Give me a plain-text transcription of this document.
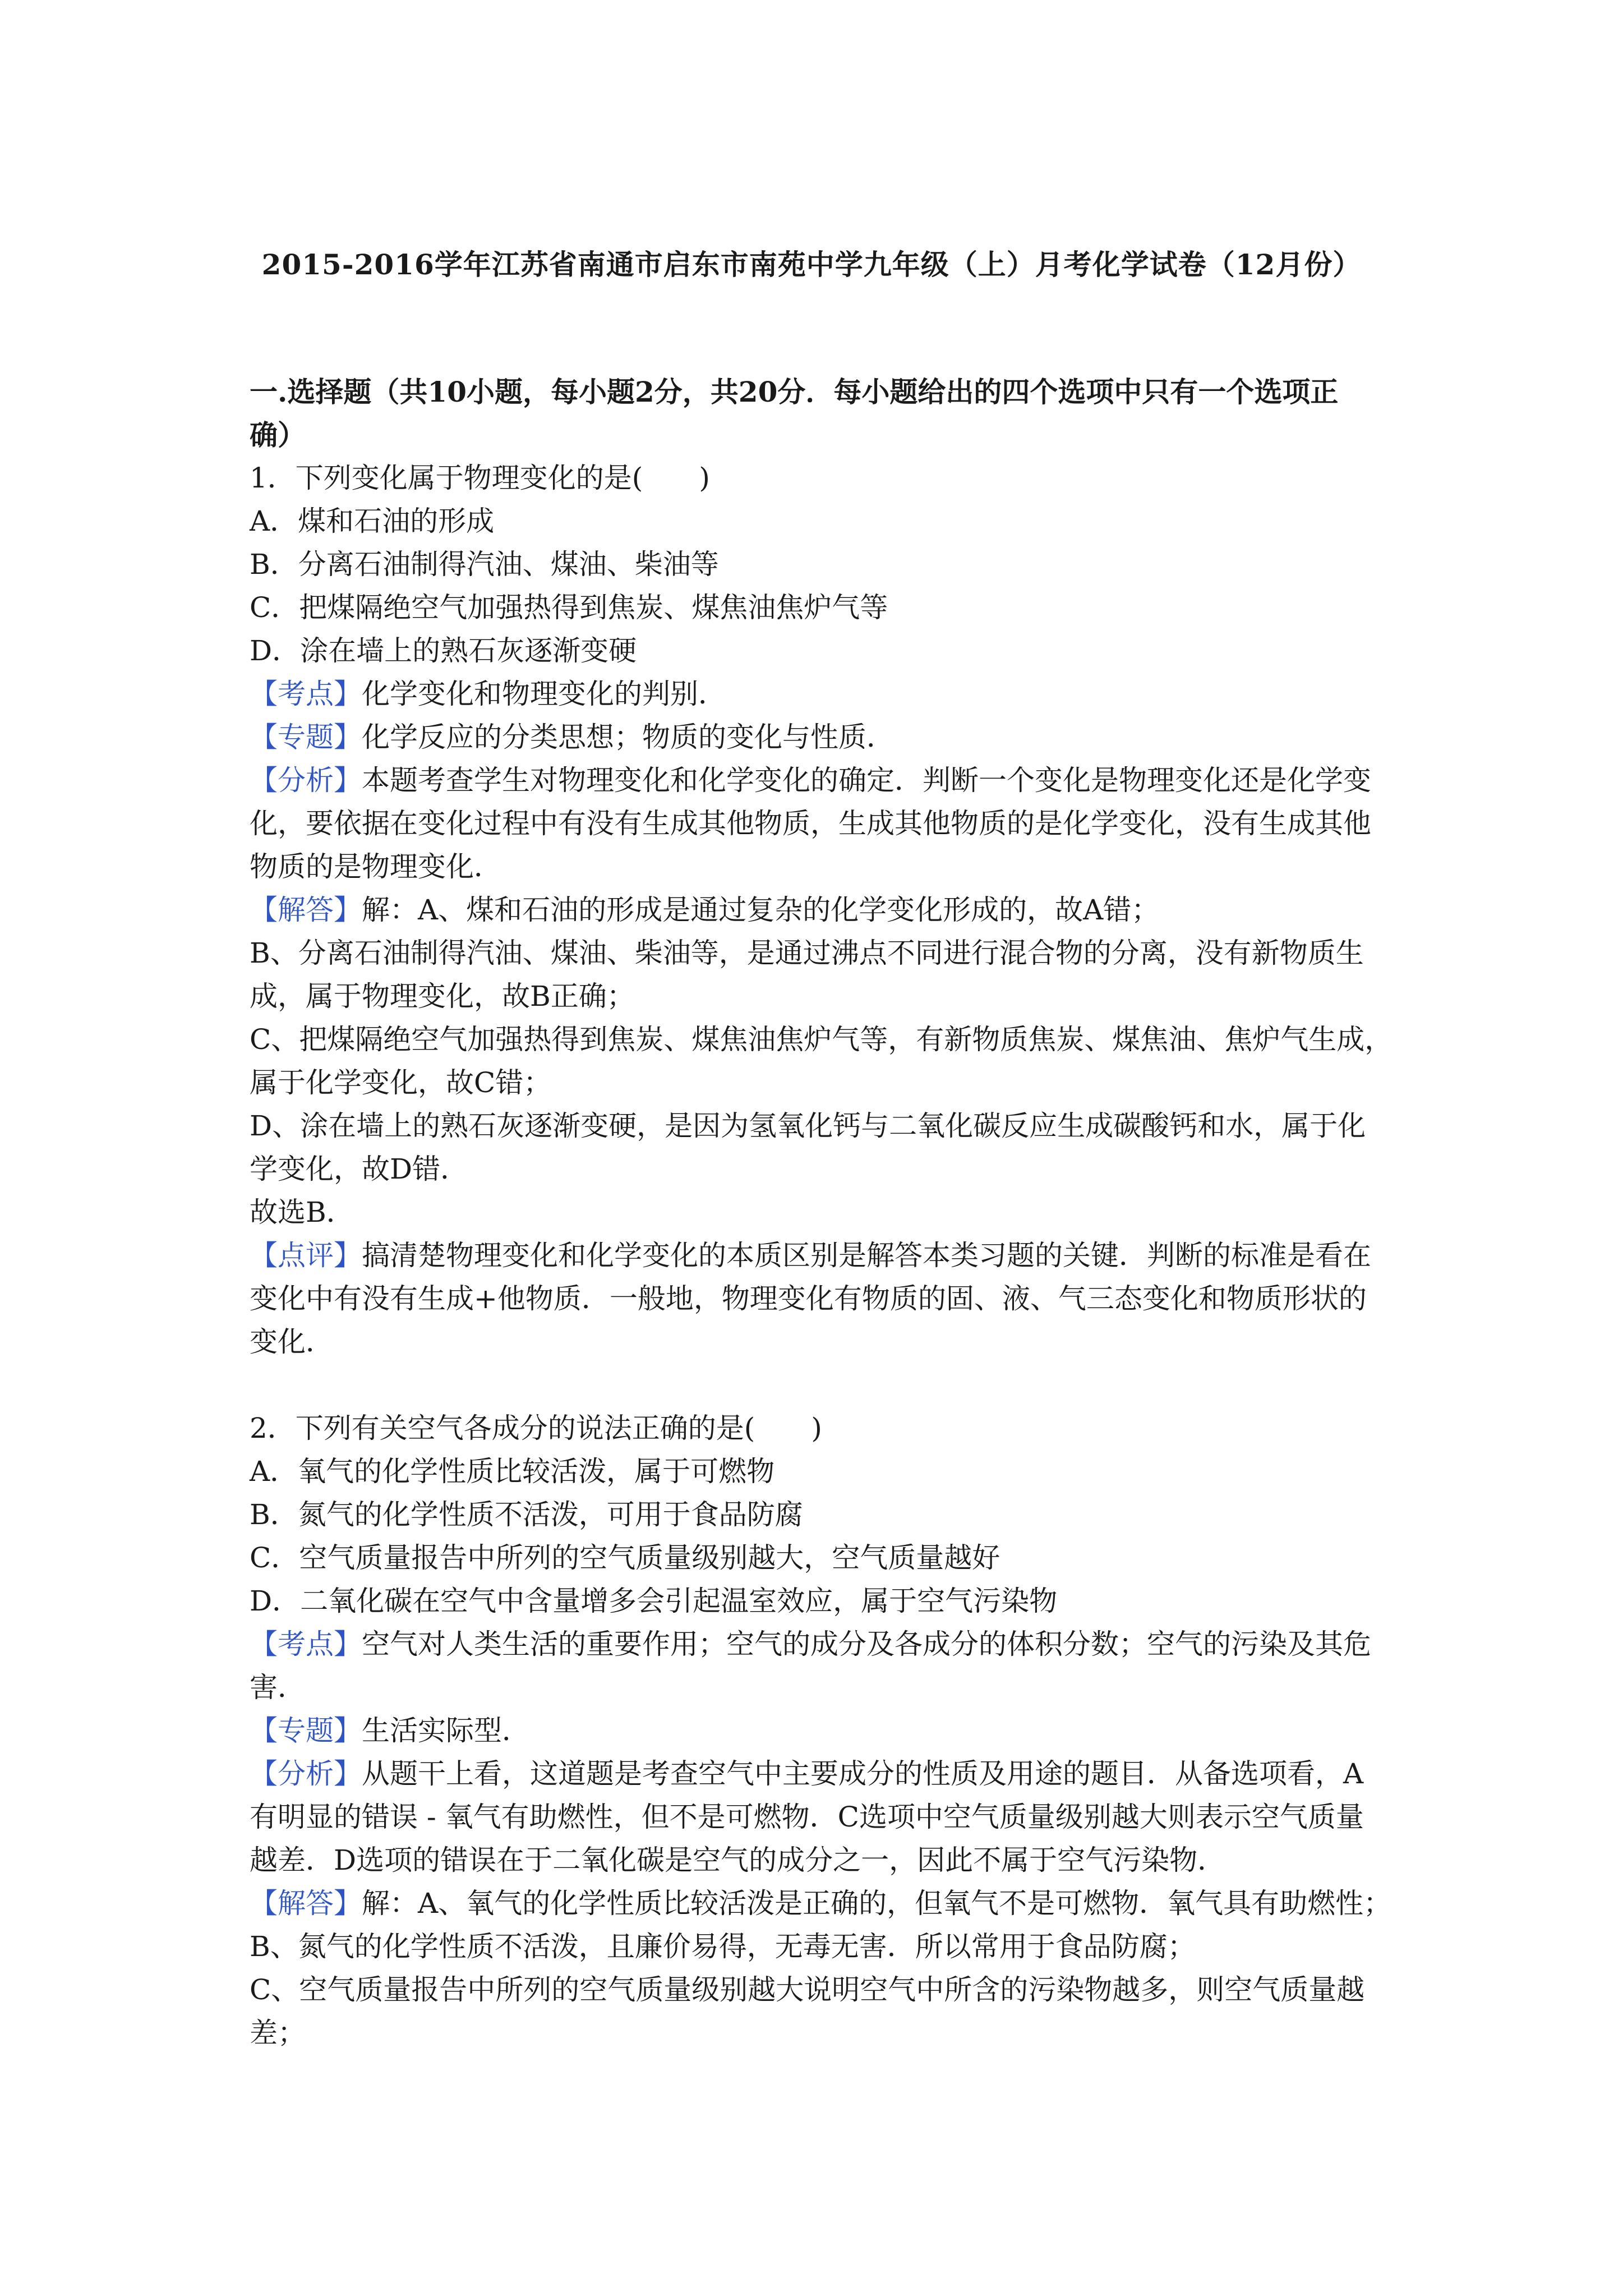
2015-2016学年江苏省南通市启东市南苑中学九年级（上）月考化学试卷（12月份）
一.选择题（共10小题，每小题2分，共20分．每小题给出的四个选项中只有一个选项正
确）
1．下列变化属于物理变化的是(　　)
A．煤和石油的形成
B．分离石油制得汽油、煤油、柴油等
C．把煤隔绝空气加强热得到焦炭、煤焦油焦炉气等
D．涂在墙上的熟石灰逐渐变硬
【考点】化学变化和物理变化的判别．
【专题】化学反应的分类思想；物质的变化与性质．
【分析】本题考查学生对物理变化和化学变化的确定．判断一个变化是物理变化还是化学变
化，要依据在变化过程中有没有生成其他物质，生成其他物质的是化学变化，没有生成其他
物质的是物理变化．
【解答】解：A、煤和石油的形成是通过复杂的化学变化形成的，故A错；
B、分离石油制得汽油、煤油、柴油等，是通过沸点不同进行混合物的分离，没有新物质生
成，属于物理变化，故B正确；
C、把煤隔绝空气加强热得到焦炭、煤焦油焦炉气等，有新物质焦炭、煤焦油、焦炉气生成，
属于化学变化，故C错；
D、涂在墙上的熟石灰逐渐变硬，是因为氢氧化钙与二氧化碳反应生成碳酸钙和水，属于化
学变化，故D错．
故选B．
【点评】搞清楚物理变化和化学变化的本质区别是解答本类习题的关键．判断的标准是看在
变化中有没有生成+他物质．一般地，物理变化有物质的固、液、气三态变化和物质形状的
变化．
2．下列有关空气各成分的说法正确的是(　　)
A．氧气的化学性质比较活泼，属于可燃物
B．氮气的化学性质不活泼，可用于食品防腐
C．空气质量报告中所列的空气质量级别越大，空气质量越好
D．二氧化碳在空气中含量增多会引起温室效应，属于空气污染物
【考点】空气对人类生活的重要作用；空气的成分及各成分的体积分数；空气的污染及其危
害．
【专题】生活实际型．
【分析】从题干上看，这道题是考查空气中主要成分的性质及用途的题目．从备选项看，A
有明显的错误 - 氧气有助燃性，但不是可燃物．C选项中空气质量级别越大则表示空气质量
越差．D选项的错误在于二氧化碳是空气的成分之一，因此不属于空气污染物．
【解答】解：A、氧气的化学性质比较活泼是正确的，但氧气不是可燃物．氧气具有助燃性；
B、氮气的化学性质不活泼，且廉价易得，无毒无害．所以常用于食品防腐；
C、空气质量报告中所列的空气质量级别越大说明空气中所含的污染物越多，则空气质量越
差；
